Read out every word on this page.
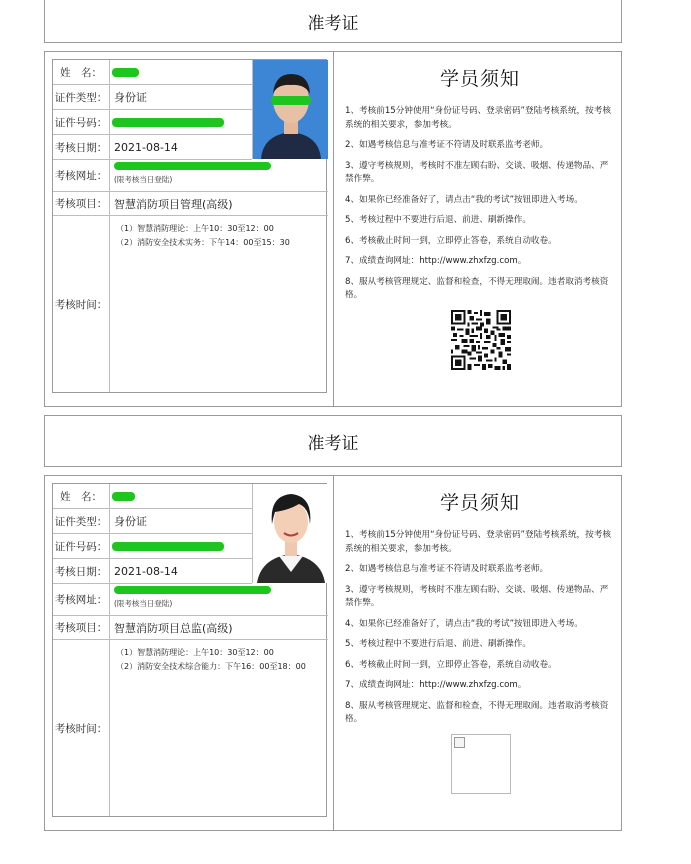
准考证
姓　名：
证件类型： 身份证
证件号码：
考核日期： 2021-08-14
考核网址： (限考核当日登陆)
考核项目： 智慧消防项目管理(高级)
考核时间：
（1）智慧消防理论：上午10：30至12：00
（2）消防安全技术实务：下午14：00至15：30
学员须知
1、考核前15分钟使用“身份证号码、登录密码”登陆考核系统，按考核系统的相关要求，参加考核。
2、如遇考核信息与准考证不符请及时联系监考老师。
3、遵守考核规则，考核时不准左顾右盼、交谈、吸烟、传递物品、严禁作弊。
4、如果你已经准备好了，请点击“我的考试”按钮即进入考场。
5、考核过程中不要进行后退、前进、刷新操作。
6、考核截止时间一到，立即停止答卷，系统自动收卷。
7、成绩查询网址：http://www.zhxfzg.com。
8、服从考核管理规定、监督和检查，不得无理取闹。违者取消考核资格。
准考证
姓　名：
证件类型： 身份证
证件号码：
考核日期： 2021-08-14
考核网址： (限考核当日登陆)
考核项目： 智慧消防项目总监(高级)
考核时间：
（1）智慧消防理论：上午10：30至12：00
（2）消防安全技术综合能力：下午16：00至18：00
学员须知
1、考核前15分钟使用“身份证号码、登录密码”登陆考核系统，按考核系统的相关要求，参加考核。
2、如遇考核信息与准考证不符请及时联系监考老师。
3、遵守考核规则，考核时不准左顾右盼、交谈、吸烟、传递物品、严禁作弊。
4、如果你已经准备好了，请点击“我的考试”按钮即进入考场。
5、考核过程中不要进行后退、前进、刷新操作。
6、考核截止时间一到，立即停止答卷，系统自动收卷。
7、成绩查询网址：http://www.zhxfzg.com。
8、服从考核管理规定、监督和检查，不得无理取闹。违者取消考核资格。
